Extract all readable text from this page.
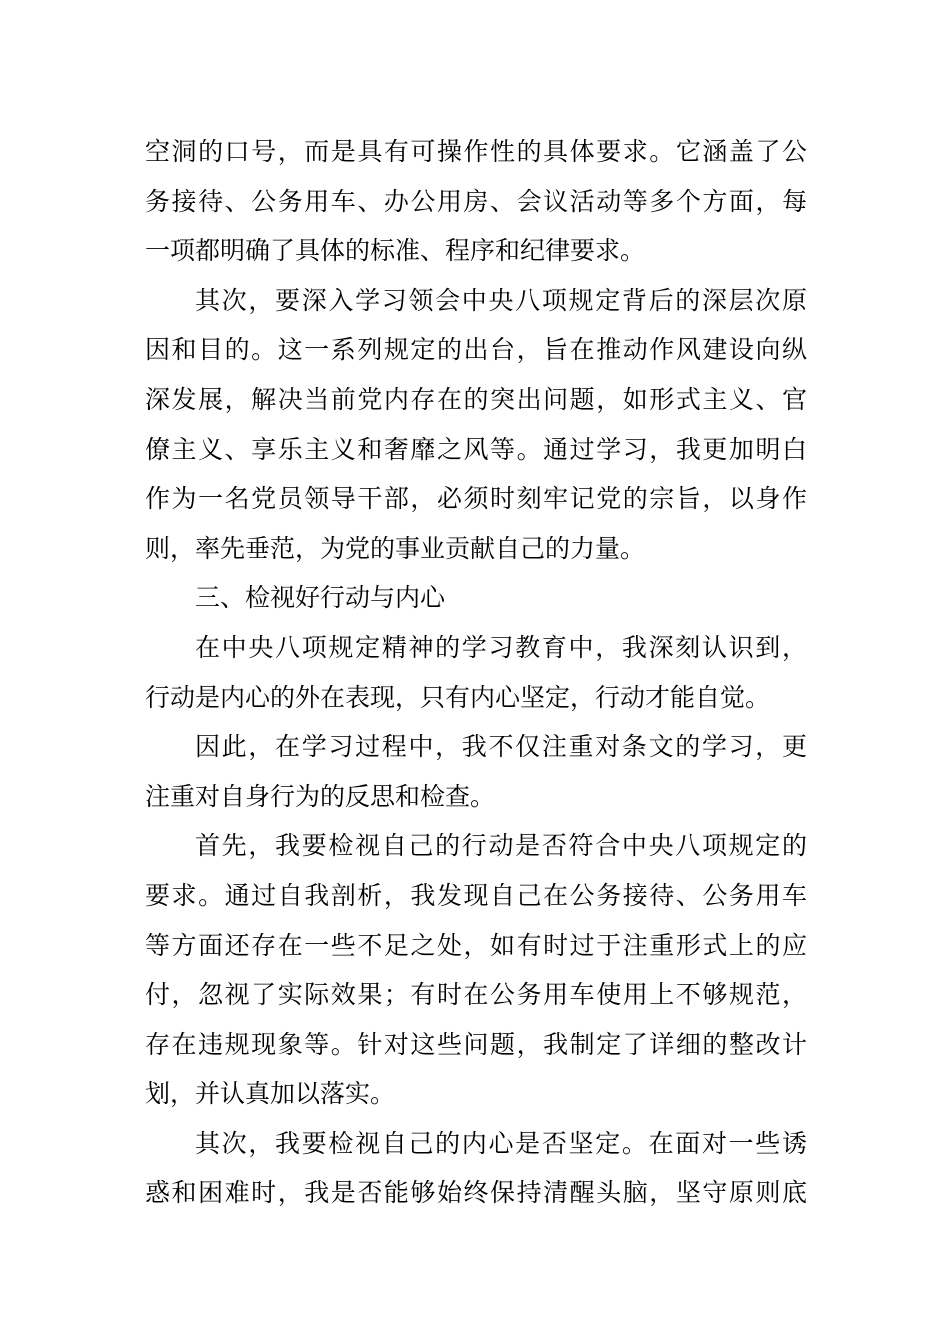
空洞的口号，而是具有可操作性的具体要求。它涵盖了公
务接待、公务用车、办公用房、会议活动等多个方面，每
一项都明确了具体的标准、程序和纪律要求。
其次，要深入学习领会中央八项规定背后的深层次原
因和目的。这一系列规定的出台，旨在推动作风建设向纵
深发展，解决当前党内存在的突出问题，如形式主义、官
僚主义、享乐主义和奢靡之风等。通过学习，我更加明白
作为一名党员领导干部，必须时刻牢记党的宗旨，以身作
则，率先垂范，为党的事业贡献自己的力量。
三、检视好行动与内心
在中央八项规定精神的学习教育中，我深刻认识到，
行动是内心的外在表现，只有内心坚定，行动才能自觉。
因此，在学习过程中，我不仅注重对条文的学习，更
注重对自身行为的反思和检查。
首先，我要检视自己的行动是否符合中央八项规定的
要求。通过自我剖析，我发现自己在公务接待、公务用车
等方面还存在一些不足之处，如有时过于注重形式上的应
付，忽视了实际效果；有时在公务用车使用上不够规范，
存在违规现象等。针对这些问题，我制定了详细的整改计
划，并认真加以落实。
其次，我要检视自己的内心是否坚定。在面对一些诱
惑和困难时，我是否能够始终保持清醒头脑，坚守原则底
